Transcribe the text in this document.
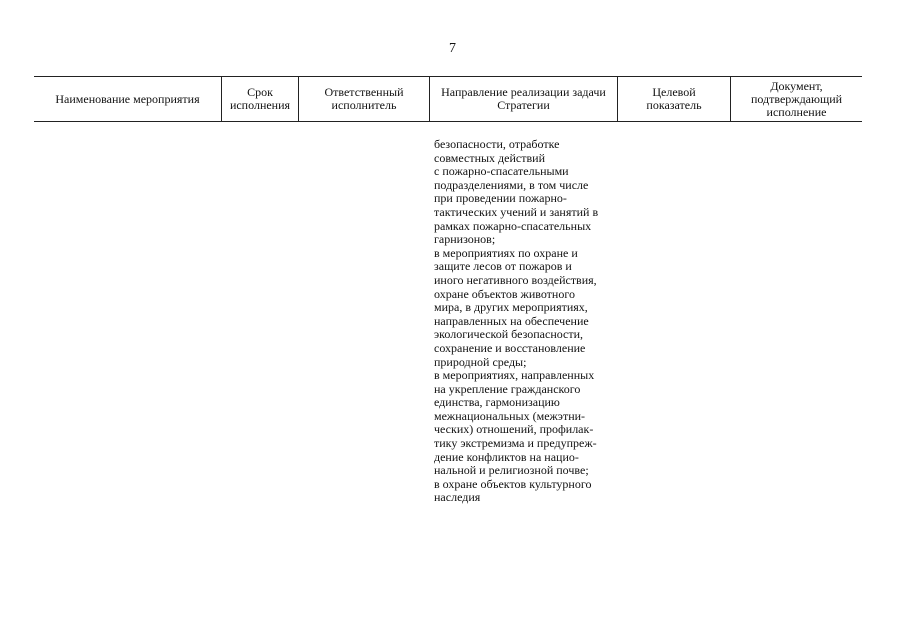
7
Наименование мероприятия	Срок
исполнения
Ответственный
исполнитель
Направление реализации задачи
Стратегии
Целевой
показатель
Документ,
подтверждающий
исполнение
безопасности, отработке
совместных действий
с пожарно-спасательными
подразделениями, в том числе
при проведении пожарно-
тактических учений и занятий в
рамках пожарно-спасательных
гарнизонов;
в мероприятиях по охране и
защите лесов от пожаров и
иного негативного воздействия,
охране объектов животного
мира, в других мероприятиях,
направленных на обеспечение
экологической безопасности,
сохранение и восстановление
природной среды;
в мероприятиях, направленных
на укрепление гражданского
единства, гармонизацию
межнациональных (межэтни-
ческих) отношений, профилак-
тику экстремизма и предупреж-
дение конфликтов на нацио-
нальной и религиозной почве;
в охране объектов культурного
наследия
